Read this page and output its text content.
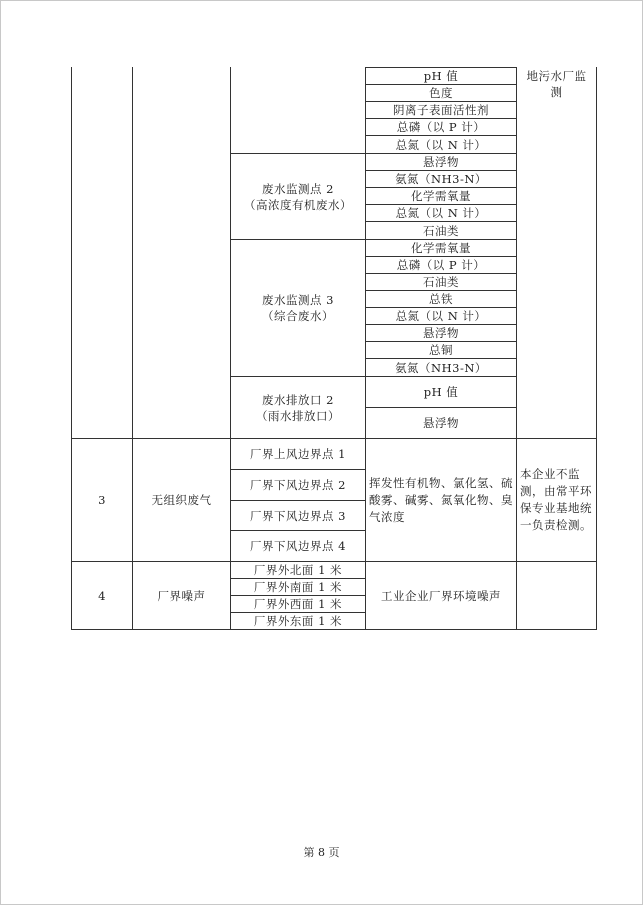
地污水厂监测
pH 值
色度
阴离子表面活性剂
总磷（以 P 计）
总氮（以 N 计）
废水监测点 2
（高浓度有机废水）
悬浮物
氨氮（NH3-N）
化学需氧量
总氮（以 N 计）
石油类
废水监测点 3
（综合废水）
化学需氧量
总磷（以 P 计）
石油类
总铁
总氮（以 N 计）
悬浮物
总铜
氨氮（NH3-N）
废水排放口 2
（雨水排放口）
pH 值
悬浮物
3	无组织废气
厂界上风边界点 1
厂界下风边界点 2
厂界下风边界点 3
厂界下风边界点 4
挥发性有机物、氯化氢、硫酸雾、碱雾、氮氧化物、臭气浓度
本企业不监测，由常平环保专业基地统一负责检测。
4	厂界噪声
厂界外北面 1 米
厂界外南面 1 米
厂界外西面 1 米
厂界外东面 1 米
工业企业厂界环境噪声
第 8 页
